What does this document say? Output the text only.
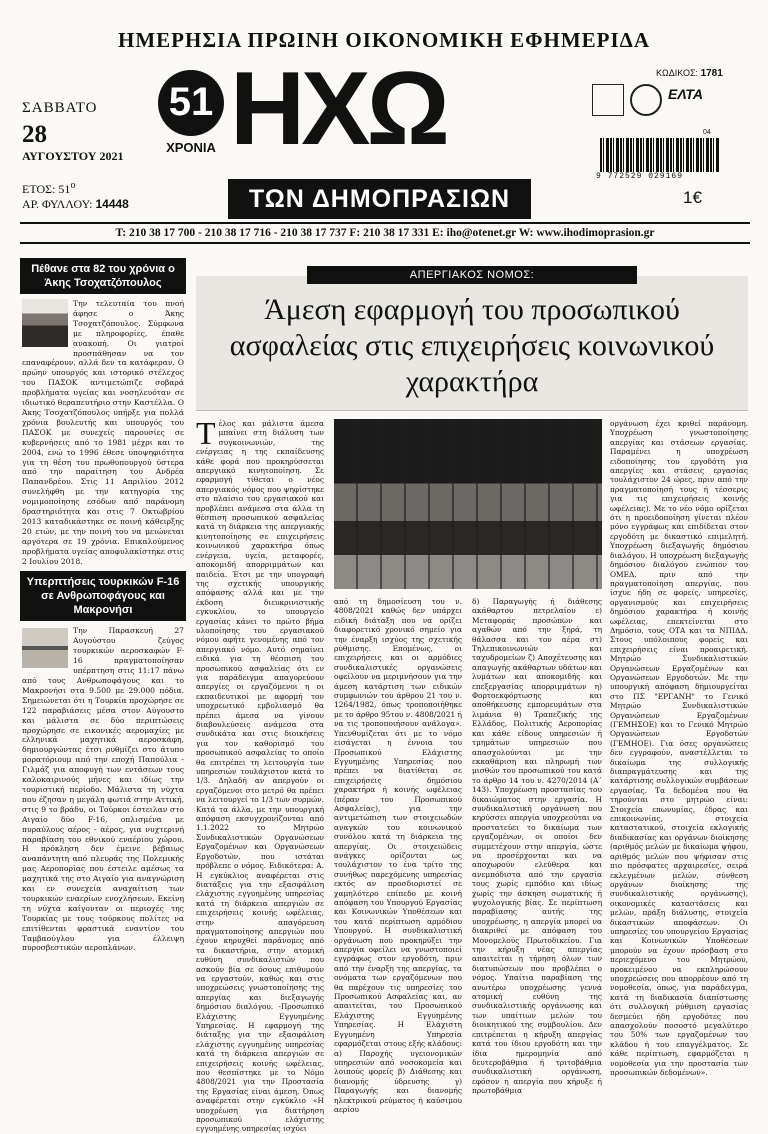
ΗΜΕΡΗΣΙΑ ΠΡΩΙΝΗ ΟΙΚΟΝΟΜΙΚΗ ΕΦΗΜΕΡΙΔΑ
ΣΑΒΒΑΤΟ
28
ΑΥΓΟΥΣΤΟΥ 2021
ΕΤΟΣ: $51^o$
ΑΡ. ΦΥΛΛΟΥ: 14448
51
ΧΡΟΝΙΑ ΗΧΩ
ΤΩΝ ΔΗΜΟΠΡΑΣΙΩΝ
ΚΩΔΙΚΟΣ: 1781
ΕΛΤΑ
04
9 772529 029169
1€
Τ: 210 38 17 700 - 210 38 17 716 - 210 38 17 737 F: 210 38 17 331 E: iho@otenet.gr W: www.ihodimoprasion.gr
Πέθανε στα 82 του χρόνια ο Άκης Τσοχατζόπουλος
Την τελευταία του πνοή άφησε ο Άκης Τσοχατζόπουλος. Σύμφωνα με πληροφορίες, έπαθε ανακοπή. Οι γιατροί προσπάθησαν να τον επαναφέρουν, αλλά δεν τα κατάφεραν. Ο πρώην υπουργός και ιστορικό στέλεχος του ΠΑΣΟΚ αντιμετώπιζε σοβαρά προβλήματα υγείας και νοσηλευόταν σε ιδιωτικό θεραπευτήριο στην Καστέλλα. Ο Άκης Τσοχατζόπουλος υπήρξε για πολλά χρόνια βουλευτής και υπουργός του ΠΑΣΟΚ με συνεχείς παρουσίες σε κυβερνήσεις από το 1981 μέχρι και το 2004, ενώ το 1996 έθεσε υποψηφιότητα για τη θέση του πρωθυπουργού ύστερα από την παραίτηση του Ανδρέα Παπανδρέου. Στις 11 Απριλίου 2012 συνελήφθη με την κατηγορία της νομιμοποίησης εσόδων από παράνομη δραστηριότητα και στις 7 Οκτωβρίου 2013 καταδικάστηκε σε ποινή κάθειρξης 20 ετών, με την ποινή του να μειώνεται αργότερα σε 19 χρόνια. Επικαλούμενος προβλήματα υγείας αποφυλακίστηκε στις 2 Ιουλίου 2018.
Υπερπτήσεις τουρκικών F-16 σε Ανθρωποφάγους και Μακρονήσι
Την Παρασκευή 27 Αυγούστου ζεύγος τουρκικών αεροσκαφών F-16 πραγματοποίησαν υπέρπτηση στις 11:17 πάνω από τους Ανθρωποφάγους και το Μακρονήσι στα 9.500 με 29.000 πόδια. Σημειώνεται ότι η Τουρκία προχώρησε σε 122 παραβιάσεις μέσα στον Αύγουστο και μάλιστα σε δύο περιπτώσεις προχώρησε σε εικονικές αερομαχίες με ελληνικά μαχητικά αεροσκάφη, δημιουργώντας έτσι ρυθμίζει στο άτυπο μορατόριουμ από την εποχή Παπούλια - Γιλμάζ για αποφυγή των εντάσεων τους καλοκαιρινούς μήνες και ιδίως την τουριστική περίοδο. Μάλιστα τη νύχτα που έζησαν η μεγάλη φωτιά στην Αττική, στις 9 το βράδυ, οι Τούρκοι έστειλαν στο Αιγαίο δύο F-16, οπλισμένα με πυραύλους αέρος - αέρος, για νυχτερινή παραβίαση του εθνικού εναέριου χώρου. Η πρόκληση δεν έμεινε βέβαιως αναπάντητη από πλευράς της Πολεμικής μας Αεροπορίας που έστειλε αμέσως τα μαχητικά της στο Αιγαίο για αναγνώριση και εν συνεχεία αναχαίτιση των τουρκικών εναερίων ενοχλήσεων. Εκείνη τη νύχτα καίγονταν οι περιοχές της Τουρκίας με τους τούρκους πολίτες να επιτίθενται φραστικά εναντίον του Ταμβαούγλου για έλλειψη πυροσβεστικών αεροπλάνων.
ΑΠΕΡΓΙΑΚΟΣ ΝΟΜΟΣ:
Άμεση εφαρμογή του προσωπικού ασφαλείας στις επιχειρήσεις κοινωνικού χαρακτήρα
Τέλος και μάλιστα άμεσα μπαίνει στη διάλυση των συγκοινωνιών, της ενέργειας η της εκπαίδευσης κάθε φορά που προκηρύσσεται απεργιακό κινητοποίηση. Σε εφαρμογή τίθεται ο νέος απεργιακός νόμος που ψηφίστηκε στο πλαίσιο του εργασιακού και προβλέπει ανάμεσα στα άλλα τη θέσπιση προσωπικού ασφαλείας κατά τη διάρκεια της απεργιακής κινητοποίησης σε επιχειρήσεις κοινωνικού χαρακτήρα όπως ενέργεια, υγεία, μεταφορές, αποκομιδή απορριμμάτων και παιδεία. Έτσι με την υπογραφή της σχετικής υπουργικής απόφασης αλλά και με την έκδοση διευκρινιστικής εγκυκλίου, το υπουργείο εργασίας κάνει το πρώτο βήμα υλοποίησης του εργασιακού νόμου αφήτε γενομένης από τον απεργιακό νόμο. Αυτό σημαίνει ειδικά για τη θέσπιση του προσωπικού ασφαλείας ότι εν για παράδειγμα απαγορεύουν απεργίες οι εργαζόμενοι η οι εκπαιδευτικοί με αφορμή τον υποχρεωτικό εμβολιασμό θα πρέπει άμεσα να γίνουν διαβουλεύσεις ανάμεσα στα συνδικάτα και στις διοικήσεις για τον καθορισμό του προσωπικού ασφαλείας το οποίο θα επιτρέπει τη λειτουργία των υπηρεσιών τουλάχιστον κατά το 1/3. Δηλαδή αν απεργούν οι εργαζόμενοι στο μετρό θα πρέπει να λειτουργεί το 1/3 των συρμών. Κατά τα άλλα, με την υπουργική απόφαση εκσυγχρονίζονται από 1.1.2022 το Μητρώο Συνδικαλιστικών Οργανώσεων Εργαζομένων και Οργανώσεων Εργοδοτών, που ιστάται πρόβλεπε ο νόμος. Ειδικότερα: Α. Η εγκύκλιος αναφέρεται στις διατάξεις για την εξασφάλιση ελάχιστης εγγυημένης υπηρεσίας κατά τη διάρκεια απεργιών σε επιχειρήσεις κοινής ωφέλειας, στην απαγόρευση πραγματοποίησης απεργιών που έχουν κηρυχθεί παράνομες από τα δικαστήρια, στην ατομική ευθύνη συνδικαλιστών που ασκούν βία σε όσους επιθυμούν να εργαστούν, καθώς και στις υποχρεώσεις γνωστοποίησης της απεργίας και διεξαγωγής δημόσιου διαλόγου. -Προσωπικό Ελάχιστης Εγγυημένης Υπηρεσίας. Η εφαρμογή της διάταξης για την εξασφάλιση ελάχιστης εγγυημένης υπηρεσίας κατά τη διάρκεια απεργιών σε επιχειρήσεις κοινής ωφέλειας, που θεσπίστηκε με το Νόμο 4808/2021 για την Προστασία της Εργασίας είναι άμεση. Όπως αναφέρεται στην εγκύκλιο «Η υποχρέωση για διατήρηση προσωπικού ελάχιστης εγγυημένης υπηρεσίας ισχύει
από τη δημοσίευση του ν. 4808/2021 καθώς δεν υπάρχει ειδική διάταξη που να ορίζει διαφορετικό χρονικό σημείο για την έναρξη ισχύος της σχετικής ρύθμισης. Επομένως, οι επιχειρήσεις και οι αρμόδιες συνδικαλιστικές οργανώσεις οφείλουν να μεριμνήσουν για την άμεση κατάρτιση των ειδικών συμφωνιών του άρθρου 21 του ν. 1264/1982, όπως τροποποιήθηκε με το άρθρο 95του ν. 4808/2021 ή να τις τροποποιήσουν ανάλογα». Υπενθυμίζεται ότι με το νόμο εισάγεται η έννοια του Προσωπικού Ελάχιστης Εγγυημένης Υπηρεσίας που πρέπει να διατίθεται σε επιχειρήσεις δημόσιου χαρακτήρα ή κοινής ωφέλειας (πέραν του Προσωπικού Ασφαλείας), για την αντιμετώπιση των στοιχειωδών αναγκών του κοινωνικού συνόλου κατά τη διάρκεια της απεργίας. Οι στοιχειώδεις ανάγκες ορίζονται ως τουλάχιστον το ένα τρίτο της συνήθως παρεχόμενης υπηρεσίας εκτός αν προσδιοριστεί σε χαμηλότερο επίπεδο με κοινή απόφαση του Υπουργού Εργασίας και Κοινωνικών Υποθέσεων και του κατά περίπτωση αρμόδιου Υπουργού. Η συνδικαλιστική οργάνωση που προκηρύξει την απεργία οφείλει να γνωστοποιεί εγγράφως στον εργοδότη, πριν από την έναρξη της απεργίας, τα ονόματα των εργαζόμενων που θα παρέχουν τις υπηρεσίες του Προσωπικού Ασφαλείας και, αν απαιτείται, του Προσωπικού Ελάχιστης Εγγυημένης Υπηρεσίας. Η Ελάχιστη Εγγυημένη Υπηρεσία εφαρμόζεται στους εξής κλάδους: α) Παροχής υγειονομικών υπηρεσιών από νοσοκομεία και λοιπούς φορείς β) Διάθεσης και διανομής ύδρευσης γ) Παραγωγής και διανομής ηλεκτρικού ρεύματος ή καύσιμου αερίου
δ) Παραγωγής ή διάθεσης ακάθαρτου πετρελαίου ε) Μεταφοράς προσώπων και αγαθών από την ξηρά, τη θάλασσα και τον αέρα στ) Τηλεπικοινωνιών και ταχυδρομείων ζ) Αποχέτευσης και απαγωγής ακάθαρτων υδάτων και λυμάτων και αποκομιδής και επεξεργασίας απορριμμάτων η) Φορτοεκφόρτωσης και αποθήκευσης εμπορευμάτων στα λιμάνια θ) Τραπεζικής της Ελλάδος, Πολιτικής Αεροπορίας και κάθε είδους υπηρεσιών ή τμημάτων υπηρεσιών που απασχολούνται με την εκκαθάριση και πληρωμή των μισθών του προσωπικού του κατά το άρθρο 14 του ν. 4270/2014 (Α΄ 143). Υποχρέωση προστασίας του δικαιώματος στην εργασία. Η συνδικαλιστική οργάνωση που κηρύσσει απεργία υποχρεούται να προστατεύει το δικαίωμα των εργαζομένων, οι οποίοι δεν συμμετέχουν στην απεργία, ώστε να προσέρχονται και να αποχωρούν ελεύθερα και ανεμπόδιστα από την εργασία τους χωρίς εμπόδιο και ιδίως χωρίς την άσκηση σωματικής ή ψυχολογικής βίας. Σε περίπτωση παραβίασης αυτής της υποχρέωσης, η απεργία μπορεί να διακριθεί με απόφαση του Μονομελούς Πρωτοδικείου. Για την κήρυξη νέας απεργίας απαιτείται η τήρηση όλων των διατυπώσεων που προβλέπει ο νόμος. Υπαίτια παραβίαση της ανωτέρω υποχρέωσης γεννά ατομική ευθύνη της συνδικαλιστικής οργάνωσης και των υπαίτιων μελών του διοικητικού της συμβουλίου. Δεν επιτρέπεται η κήρυξη απεργίας κατά του ίδιου εργοδότη και την ίδια ημερομηνία από δευτεροβάθμια ή τριτοβάθμια συνδικαλιστική οργάνωση, εφόσον η απεργία που κήρυξε ή πρωτοβάθμια
οργάνωση έχει κριθεί παράνομη. Υποχρέωση γνωστοποίησης απεργίας και στάσεων εργασίας. Παραμένει η υποχρέωση ειδοποίησης του εργοδότη για απεργίες και στάσεις εργασίας τουλάχιστον 24 ώρες, πριν από την πραγματοποίησή τους ή τέσσερις για τις επιχειρήσεις κοινής ωφέλειας). Με το νέο νόμο ορίζεται ότι η προειδοποίηση γίνεται πλέον μόνο εγγράφως και επιδίδεται στον εργοδότη με δικαστικό επιμελητή. Υποχρέωση διεξαγωγής δημόσιου διαλόγου. Η υποχρέωση διεξαγωγής δημόσιου διαλόγου ενώπιον του ΟΜΕΔ, πριν από την πραγματοποίηση απεργίας, που ίσχυε ήδη σε φορείς, υπηρεσίες, οργανισμούς και επιχειρήσεις δημόσιου χαρακτήρα ή κοινής ωφέλειας, επεκτείνεται στο Δημόσιο, τους ΟΤΑ και τα ΝΠΙΔΔ. Στους υπόλοιπους φορείς και επιχειρήσεις είναι προαιρετική. Μητρώο Συνδικαλιστικών Οργανώσεων Εργαζομένων και Οργανώσεων Εργοδοτών. Με την υπουργική απόφαση δημιουργείται στο ΠΣ "ΕΡΓΑΝΗ" το Γενικό Μητρώο Συνδικαλιστικών Οργανώσεων Εργαζομένων (ΓΕΜΗΣΟΕ) και το Γενικό Μητρώο Οργανώσεων Εργοδοτών (ΓΕΜΗΟΕ). Για όσες οργανώσεις δεν εγγραφούν, αναστέλλεται το δικαίωμα της συλλογικής διαπραγμάτευσης και της κατάρτισης συλλογικών συμβάσεων εργασίας. Τα δεδομένα που θα τηρούνται στο μητρώο είναι: Στοιχεία επωνυμίας, έδρας και επικοινωνίας, στοιχεία καταστατικού, στοιχεία εκλογικής διαδικασίας και οργάνων διοίκησης (αριθμός μελών με δικαίωμα ψήφου, αριθμός μελών που ψήφισαν στις πιο πρόσφατες αρχαιρεσίες, σειρά εκλεγμένων μελών, σύνθεση οργάνων διοίκησης της συνδικαλιστικής οργάνωσης), οικονομικές καταστάσεις και μελών, πράξη διάλυσης, στοιχεία δικαστικών αποφάσεων. Οι υπηρεσίες του υπουργείου Εργασίας και Κοινωνικών Υποθέσεων μπορούν να έχουν πρόσβαση στο περιεχόμενο του Μητρώου, προκειμένου να εκπληρώσουν υποχρεώσεις που απορρέουν από τη νομοθεσία, όπως, για παράδειγμα, κατά τη διαδικασία διαπίστωσης ότι συλλογική ρύθμιση εργασίας δεσμεύει ήδη εργοδότες που απασχολούν ποσοστό μεγαλύτερο του 50% των εργαζομένων του κλάδου ή του επαγγέλματος. Σε κάθε περίπτωση, εφαρμόζεται η νομοθεσία για την προστασία των προσωπικών δεδομένων».
